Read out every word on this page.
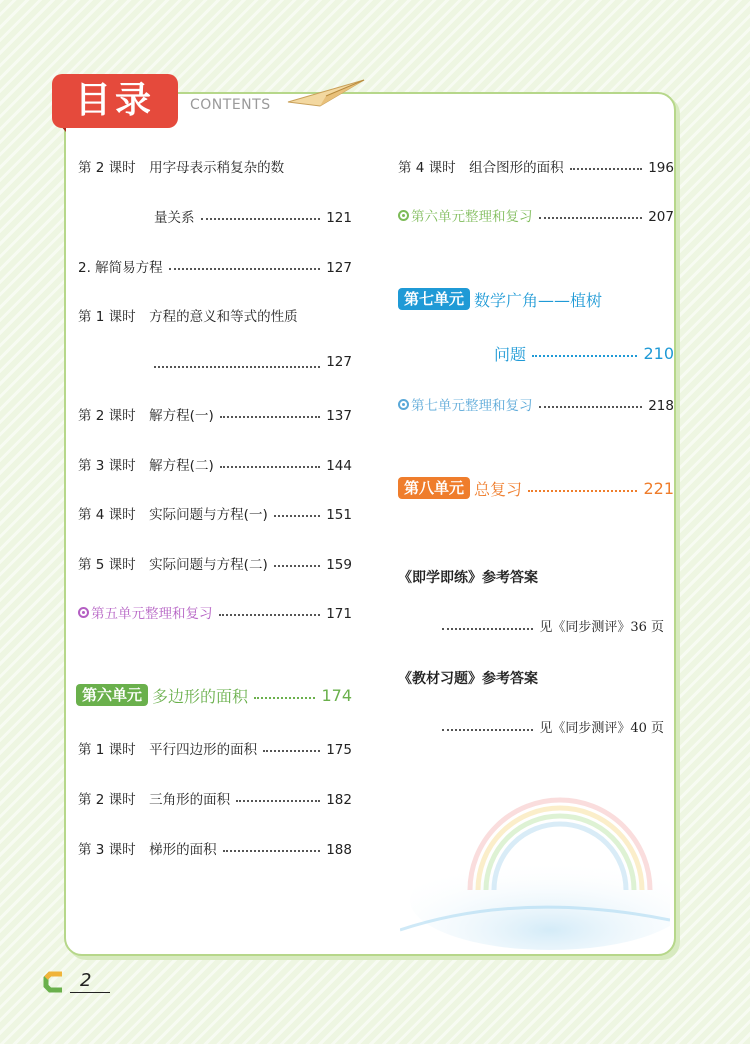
目录	CONTENTS
第 2 课时　用字母表示稍复杂的数
量关系	121
2. 解简易方程	127
第 1 课时　方程的意义和等式的性质
127
第 2 课时　解方程(一)	137
第 3 课时　解方程(二)	144
第 4 课时　实际问题与方程(一)	151
第 5 课时　实际问题与方程(二)	159
第五单元整理和复习	171
第六单元 多边形的面积	174
第 1 课时　平行四边形的面积	175
第 2 课时　三角形的面积	182
第 3 课时　梯形的面积	188
第 4 课时　组合图形的面积	196
第六单元整理和复习	207
第七单元 数学广角——植树
问题	210
第七单元整理和复习	218
第八单元 总复习	221
《即学即练》参考答案
见《同步测评》36 页
《教材习题》参考答案
见《同步测评》40 页
2
